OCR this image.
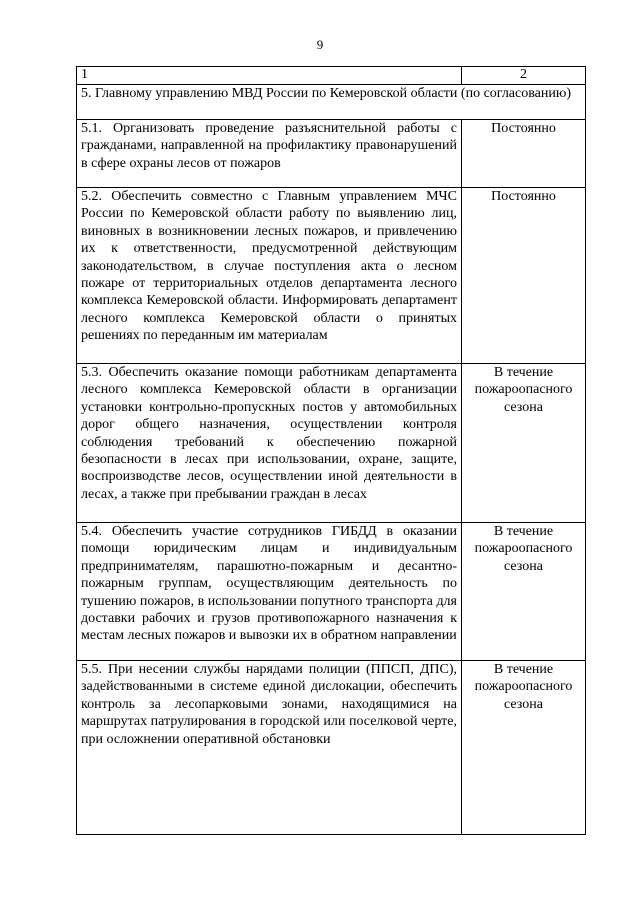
9
1	2
5. Главному управлению МВД России по Кемеровской области (по согласованию)	
5.1. Организовать проведение разъяснительной работы с гражданами, направленной на профилактику правонарушений в сфере охраны лесов от пожаров	Постоянно
5.2. Обеспечить совместно с Главным управлением МЧС России по Кемеровской области работу по выявлению лиц, виновных в возникновении лесных пожаров, и привлечению их к ответственности, предусмотренной действующим законодательством, в случае поступления акта о лесном пожаре от территориальных отделов департамента лесного комплекса Кемеровской области. Информировать департамент лесного комплекса Кемеровской области о принятых решениях по переданным им материалам	Постоянно
5.3. Обеспечить оказание помощи работникам департамента лесного комплекса Кемеровской области в организации установки контрольно-пропускных постов у автомобильных дорог общего назначения, осуществлении контроля соблюдения требований к обеспечению пожарной безопасности в лесах при использовании, охране, защите, воспроизводстве лесов, осуществлении иной деятельности в лесах, а также при пребывании граждан в лесах	В течение пожароопасного сезона
5.4. Обеспечить участие сотрудников ГИБДД в оказании помощи юридическим лицам и индивидуальным предпринимателям, парашютно-пожарным и десантно-пожарным группам, осуществляющим деятельность по тушению пожаров, в использовании попутного транспорта для доставки рабочих и грузов противопожарного назначения к местам лесных пожаров и вывозки их в обратном направлении	В течение пожароопасного сезона
5.5. При несении службы нарядами полиции (ППСП, ДПС), задействованными в системе единой дислокации, обеспечить контроль за лесопарковыми зонами, находящимися на маршрутах патрулирования в городской или поселковой черте, при осложнении оперативной обстановки	В течение пожароопасного сезона
